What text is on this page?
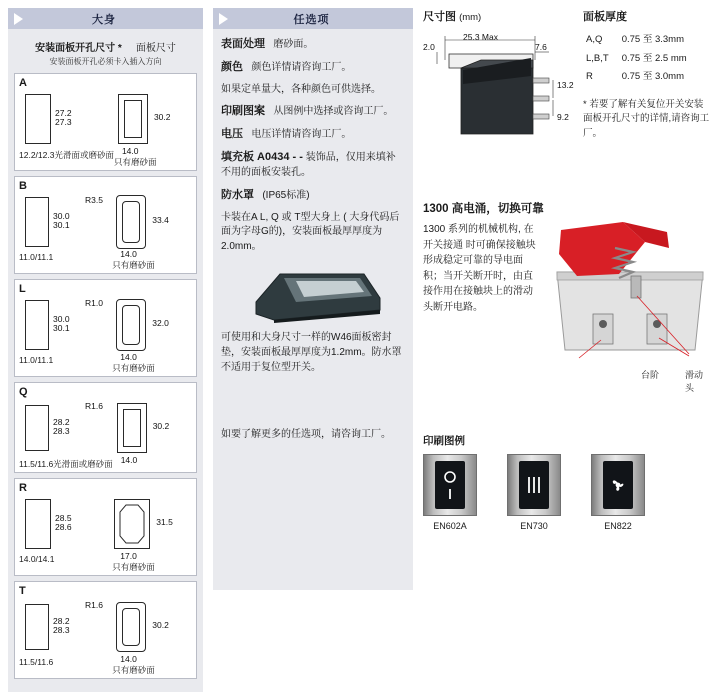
大身
安装面板开孔尺寸 * 面板尺寸
安装面板开孔必须卡入插入方向
A
27.2
27.3
12.2/12.3光滑面或磨砂面
30.2
14.0
只有磨砂面
B
30.0
30.1
R3.5
11.0/11.1
33.4
14.0
只有磨砂面
L
30.0
30.1
R1.0
11.0/11.1
32.0
14.0
只有磨砂面
Q
28.2
28.3
R1.6
11.5/11.6光滑面或磨砂面
30.2
14.0
R
28.5
28.6
14.0/14.1
31.5
17.0
只有磨砂面
T
28.2
28.3
R1.6
11.5/11.6
30.2
14.0
只有磨砂面
任选项
表面处理 磨砂面。
颜色 颜色详情请咨询工厂。
如果定单量大，各种颜色可供选择。
印刷图案 从图例中选择或咨询工厂。
电压 电压详情请咨询工厂。
填充板 A0434 - - 装饰品，仅用来填补不用的面板安装孔。
防水罩 (IP65标准)
卡装在A L, Q 或 T型大身上 ( 大身代码后面为字母G的)，安装面板最厚厚度为2.0mm。
可使用和大身尺寸一样的W46面板密封垫，安装面板最厚厚度为1.2mm。防水罩不适用于复位型开关。
如要了解更多的任选项，请咨询工厂。
尺寸图 (mm)
2.0
25.3 Max
7.6
13.2
9.2
面板厚度
A,Q	0.75 至 3.3mm
L,B,T	0.75 至 2.5 mm
R	0.75 至 3.0mm
* 若要了解有关复位开关安装面板开孔尺寸的详情,请咨询工厂。
1300 高电涌，切换可靠
1300 系列的机械机构, 在开关接通 时可确保接触块形成稳定可靠的导电面积；当开关断开时，由直接作用在接触块上的滑动头断开电路。
台阶	滑动头
印刷图例
EN602A	EN730	EN822
